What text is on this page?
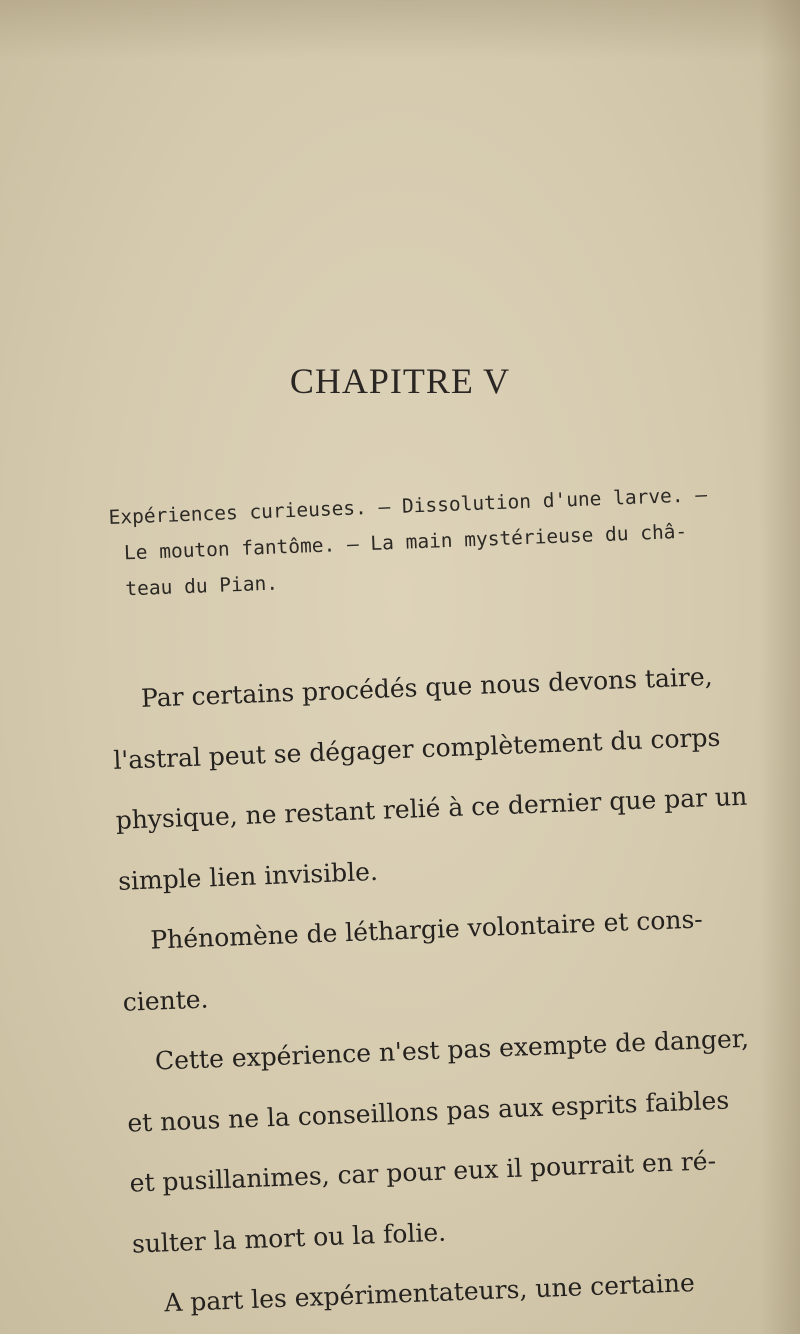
CHAPITRE V
Expériences curieuses. – Dissolution d'une larve. –
Le mouton fantôme. – La main mystérieuse du châ-
teau du Pian.
Par certains procédés que nous devons taire,
l'astral peut se dégager complètement du corps
physique, ne restant relié à ce dernier que par un
simple lien invisible.
Phénomène de léthargie volontaire et cons-
ciente.
Cette expérience n'est pas exempte de danger,
et nous ne la conseillons pas aux esprits faibles
et pusillanimes, car pour eux il pourrait en ré-
sulter la mort ou la folie.
A part les expérimentateurs, une certaine
